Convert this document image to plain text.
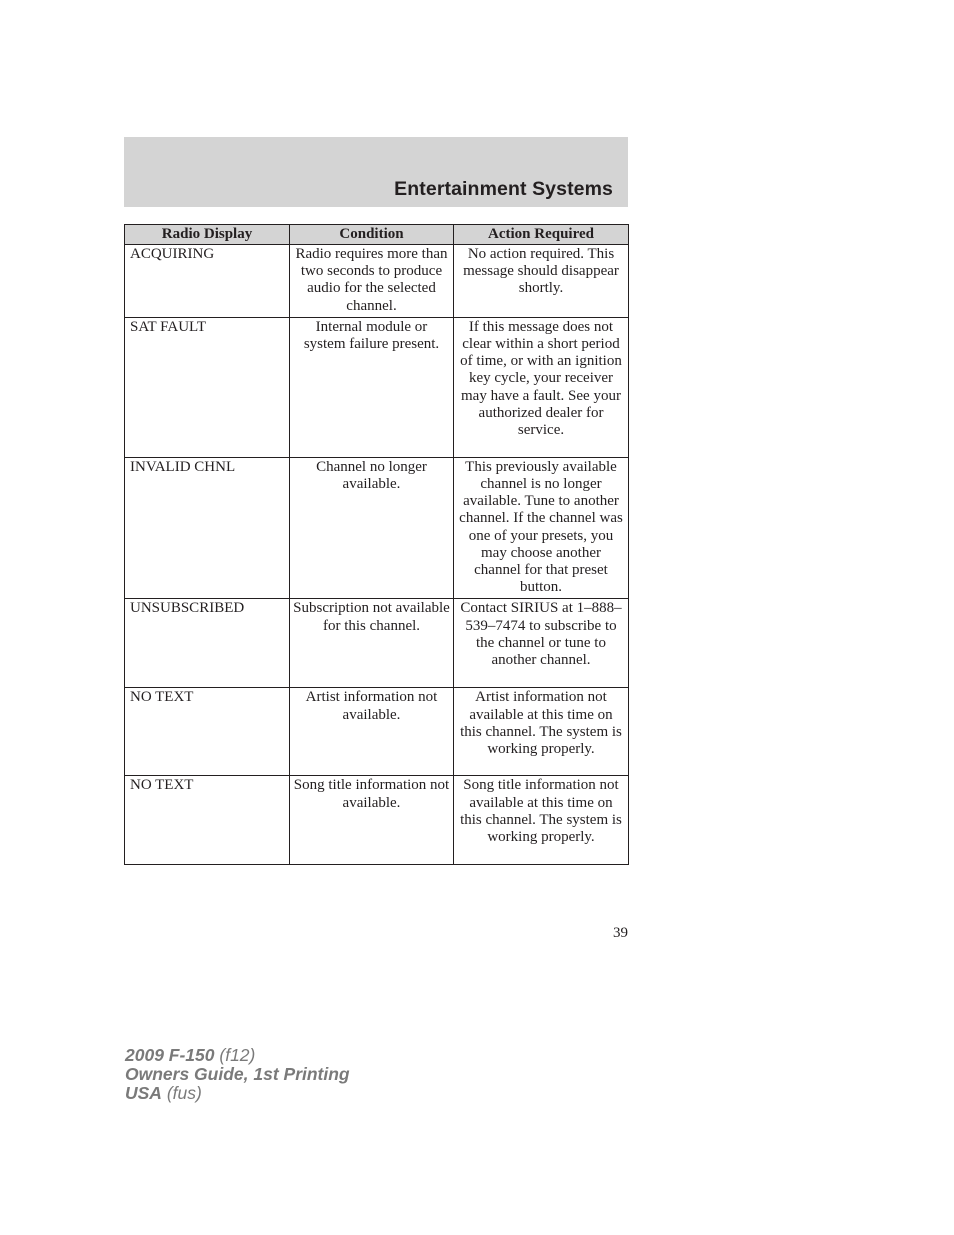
Entertainment Systems
Radio Display	Condition	Action Required
ACQUIRING	Radio requires more than two seconds to produce audio for the selected channel.	No action required. This message should disappear shortly.
SAT FAULT	Internal module or system failure present.	If this message does not clear within a short period of time, or with an ignition key cycle, your receiver may have a fault. See your authorized dealer for service.
INVALID CHNL	Channel no longer available.	This previously available channel is no longer available. Tune to another channel. If the channel was one of your presets, you may choose another channel for that preset button.
UNSUBSCRIBED	Subscription not available for this channel.	Contact SIRIUS at 1–888–539–7474 to subscribe to the channel or tune to another channel.
NO TEXT	Artist information not available.	Artist information not available at this time on this channel. The system is working properly.
NO TEXT	Song title information not available.	Song title information not available at this time on this channel. The system is working properly.
39
2009 F-150 (f12)
Owners Guide, 1st Printing
USA (fus)
